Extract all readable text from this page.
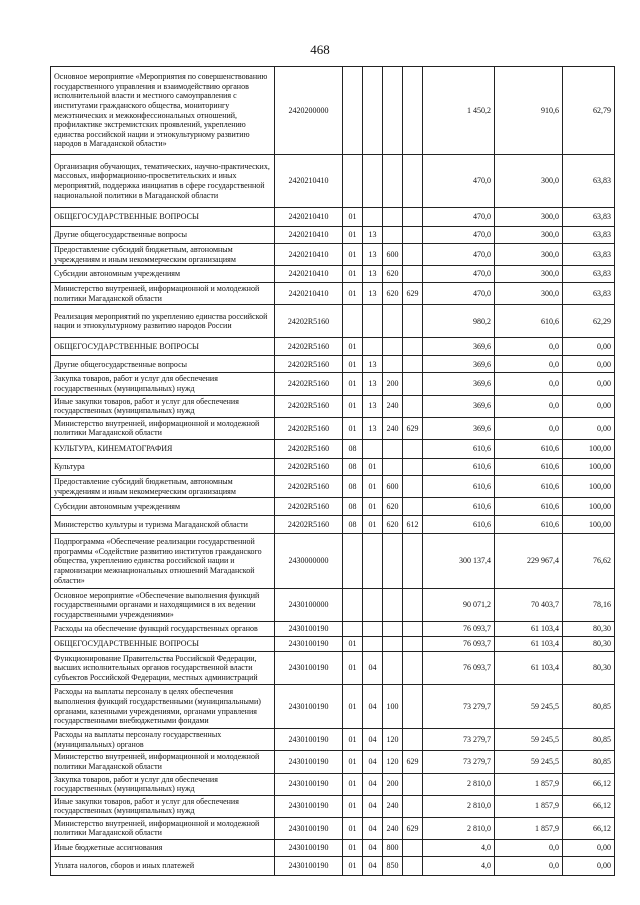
468
Основное мероприятие «Мероприятия по совершенствованию государственного управления и взаимодействию органов исполнительной власти и местного самоуправления с институтами гражданского общества, мониторингу межэтнических и межконфессиональных отношений, профилактике экстремистских проявлений, укреплению единства российской нации и этнокультурному развитию народов в Магаданской области»	2420200000					1 450,2	910,6	62,79
Организация обучающих, тематических, научно-практических, массовых, информационно-просветительских и иных мероприятий, поддержка инициатив в сфере государственной национальной политики в Магаданской области	2420210410					470,0	300,0	63,83
ОБЩЕГОСУДАРСТВЕННЫЕ ВОПРОСЫ	2420210410	01				470,0	300,0	63,83
Другие общегосударственные вопросы	2420210410	01	13			470,0	300,0	63,83
Предоставление субсидий бюджетным, автономным учреждениям и иным некоммерческим организациям	2420210410	01	13	600		470,0	300,0	63,83
Субсидии автономным учреждениям	2420210410	01	13	620		470,0	300,0	63,83
Министерство внутренней, информационной и молодежной политики Магаданской области	2420210410	01	13	620	629	470,0	300,0	63,83
Реализация мероприятий по укреплению единства российской нации и этнокультурному развитию народов России	24202R5160					980,2	610,6	62,29
ОБЩЕГОСУДАРСТВЕННЫЕ ВОПРОСЫ	24202R5160	01				369,6	0,0	0,00
Другие общегосударственные вопросы	24202R5160	01	13			369,6	0,0	0,00
Закупка товаров, работ и услуг для обеспечения государственных (муниципальных) нужд	24202R5160	01	13	200		369,6	0,0	0,00
Иные закупки товаров, работ и услуг для обеспечения государственных (муниципальных) нужд	24202R5160	01	13	240		369,6	0,0	0,00
Министерство внутренней, информационной и молодежной политики Магаданской области	24202R5160	01	13	240	629	369,6	0,0	0,00
КУЛЬТУРА, КИНЕМАТОГРАФИЯ	24202R5160	08				610,6	610,6	100,00
Культура	24202R5160	08	01			610,6	610,6	100,00
Предоставление субсидий бюджетным, автономным учреждениям и иным некоммерческим организациям	24202R5160	08	01	600		610,6	610,6	100,00
Субсидии автономным учреждениям	24202R5160	08	01	620		610,6	610,6	100,00
Министерство культуры и туризма Магаданской области	24202R5160	08	01	620	612	610,6	610,6	100,00
Подпрограмма «Обеспечение реализации государственной программы «Содействие развитию институтов гражданского общества, укреплению единства российской нации и гармонизации межнациональных отношений Магаданской области»	2430000000					300 137,4	229 967,4	76,62
Основное мероприятие «Обеспечение выполнения функций государственными органами и находящимися в их ведении государственными учреждениями»	2430100000					90 071,2	70 403,7	78,16
Расходы на обеспечение функций государственных органов	2430100190					76 093,7	61 103,4	80,30
ОБЩЕГОСУДАРСТВЕННЫЕ ВОПРОСЫ	2430100190	01				76 093,7	61 103,4	80,30
Функционирование Правительства Российской Федерации, высших исполнительных органов государственной власти субъектов Российской Федерации, местных администраций	2430100190	01	04			76 093,7	61 103,4	80,30
Расходы на выплаты персоналу в целях обеспечения выполнения функций государственными (муниципальными) органами, казенными учреждениями, органами управления государственными внебюджетными фондами	2430100190	01	04	100		73 279,7	59 245,5	80,85
Расходы на выплаты персоналу государственных (муниципальных) органов	2430100190	01	04	120		73 279,7	59 245,5	80,85
Министерство внутренней, информационной и молодежной политики Магаданской области	2430100190	01	04	120	629	73 279,7	59 245,5	80,85
Закупка товаров, работ и услуг для обеспечения государственных (муниципальных) нужд	2430100190	01	04	200		2 810,0	1 857,9	66,12
Иные закупки товаров, работ и услуг для обеспечения государственных (муниципальных) нужд	2430100190	01	04	240		2 810,0	1 857,9	66,12
Министерство внутренней, информационной и молодежной политики Магаданской области	2430100190	01	04	240	629	2 810,0	1 857,9	66,12
Иные бюджетные ассигнования	2430100190	01	04	800		4,0	0,0	0,00
Уплата налогов, сборов и иных платежей	2430100190	01	04	850		4,0	0,0	0,00
